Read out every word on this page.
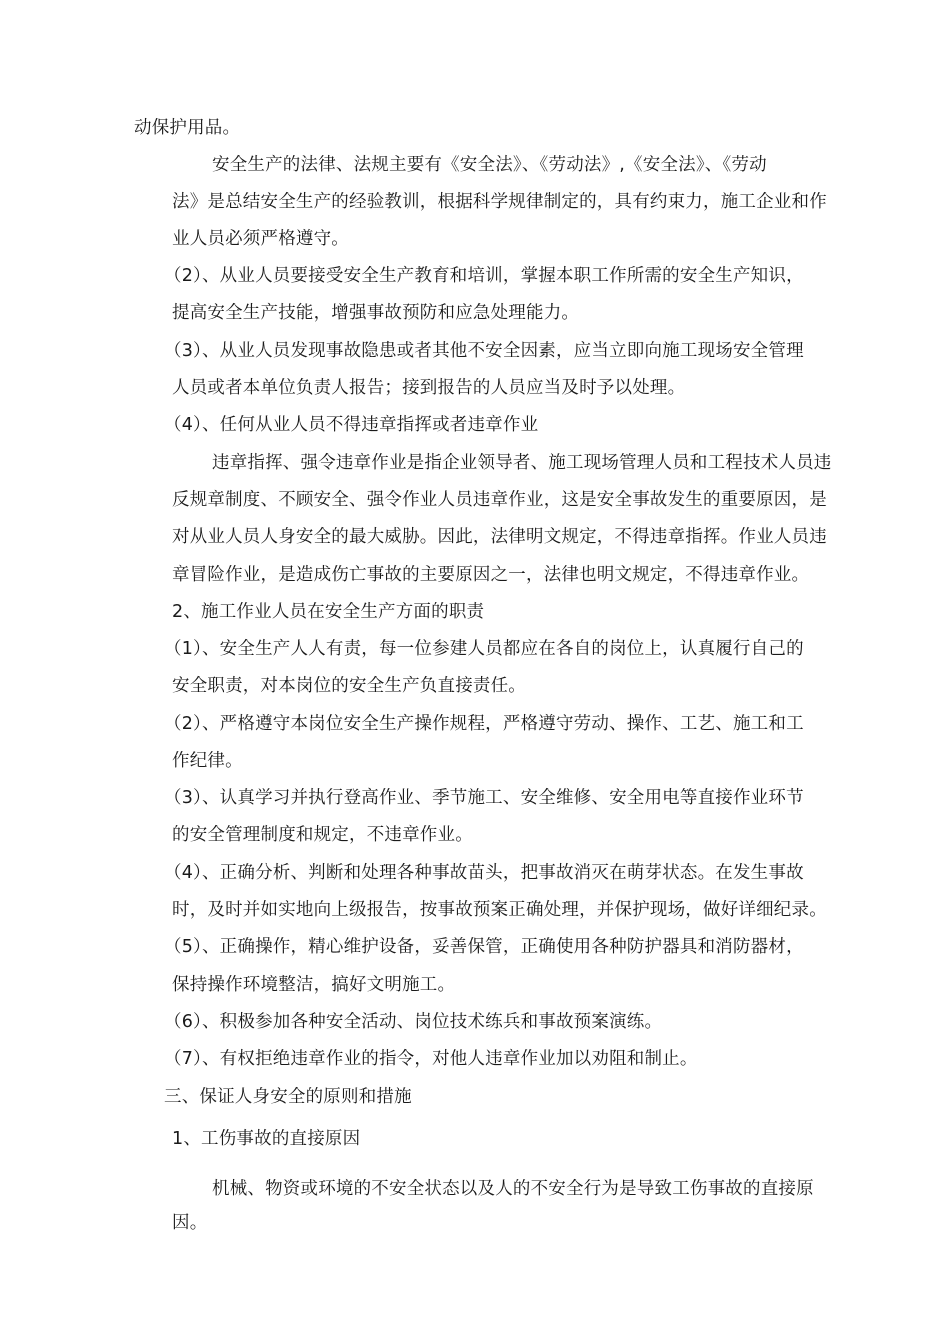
动保护用品。
安全生产的法律、法规主要有《安全法》、《劳动法》,《安全法》、《劳动
法》是总结安全生产的经验教训，根据科学规律制定的，具有约束力，施工企业和作
业人员必须严格遵守。
（2）、从业人员要接受安全生产教育和培训，掌握本职工作所需的安全生产知识，
提高安全生产技能，增强事故预防和应急处理能力。
（3）、从业人员发现事故隐患或者其他不安全因素，应当立即向施工现场安全管理
人员或者本单位负责人报告；接到报告的人员应当及时予以处理。
（4）、任何从业人员不得违章指挥或者违章作业
违章指挥、强令违章作业是指企业领导者、施工现场管理人员和工程技术人员违
反规章制度、不顾安全、强令作业人员违章作业，这是安全事故发生的重要原因，是
对从业人员人身安全的最大威胁。因此，法律明文规定，不得违章指挥。作业人员违
章冒险作业，是造成伤亡事故的主要原因之一，法律也明文规定，不得违章作业。
2、施工作业人员在安全生产方面的职责
（1）、安全生产人人有责，每一位参建人员都应在各自的岗位上，认真履行自己的
安全职责，对本岗位的安全生产负直接责任。
（2）、严格遵守本岗位安全生产操作规程，严格遵守劳动、操作、工艺、施工和工
作纪律。
（3）、认真学习并执行登高作业、季节施工、安全维修、安全用电等直接作业环节
的安全管理制度和规定，不违章作业。
（4）、正确分析、判断和处理各种事故苗头，把事故消灭在萌芽状态。在发生事故
时，及时并如实地向上级报告，按事故预案正确处理，并保护现场，做好详细纪录。
（5）、正确操作，精心维护设备，妥善保管，正确使用各种防护器具和消防器材，
保持操作环境整洁，搞好文明施工。
（6）、积极参加各种安全活动、岗位技术练兵和事故预案演练。
（7）、有权拒绝违章作业的指令，对他人违章作业加以劝阻和制止。
三、保证人身安全的原则和措施
1、工伤事故的直接原因
机械、物资或环境的不安全状态以及人的不安全行为是导致工伤事故的直接原
因。
